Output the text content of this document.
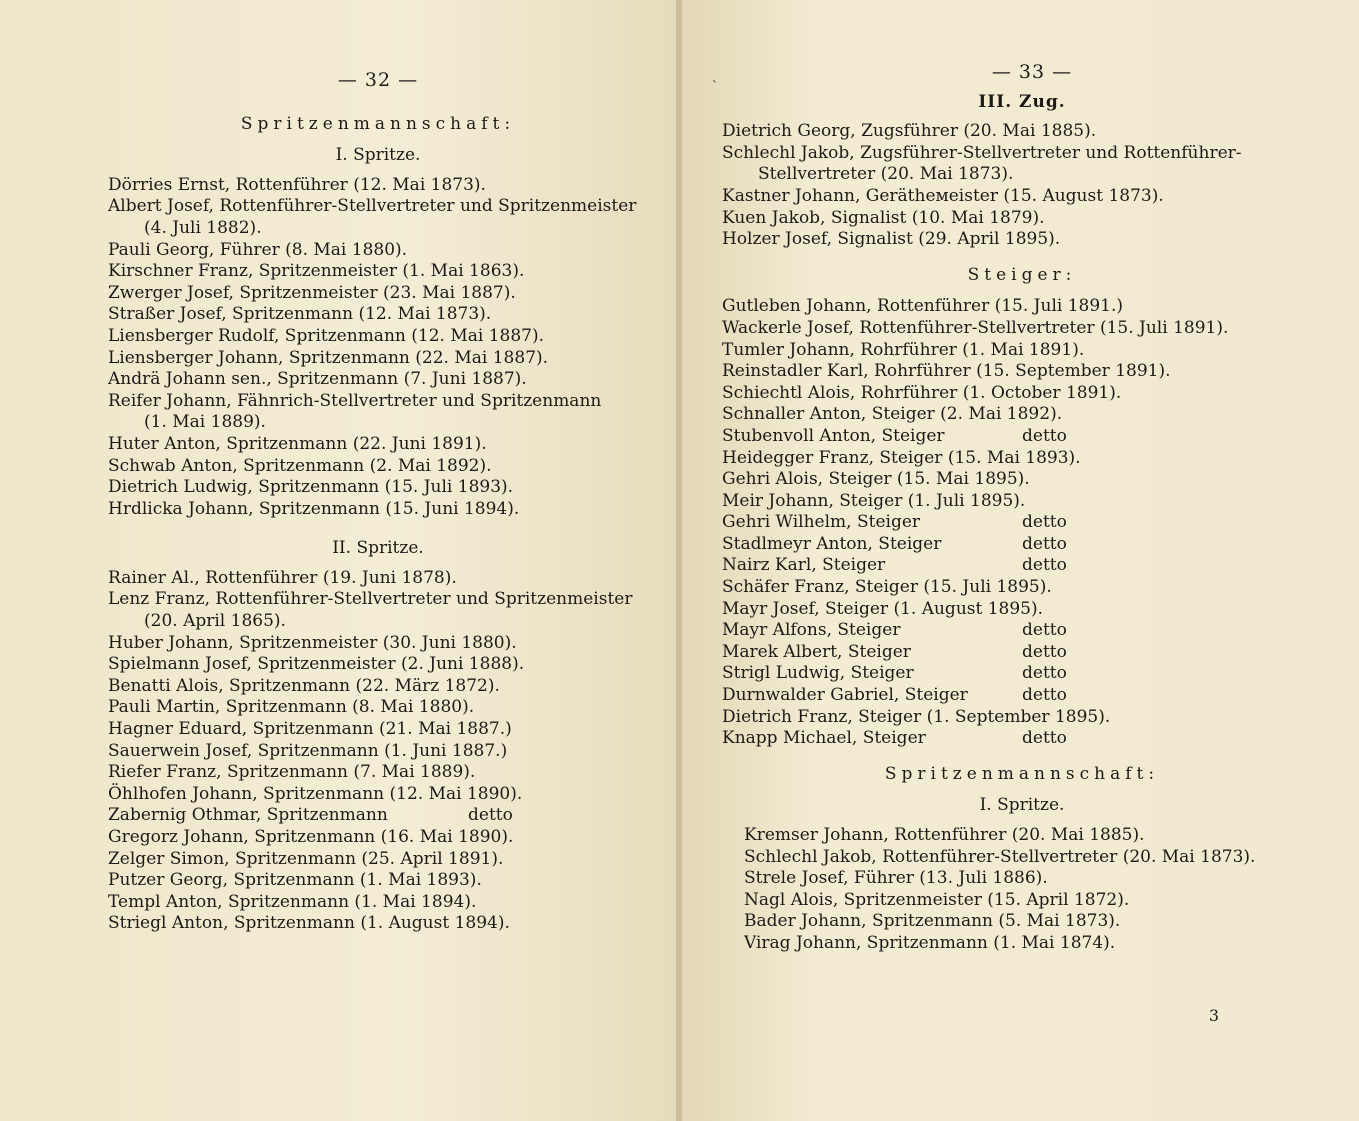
— 32 —
Spritzenmannschaft:
I. Spritze.
Dörries Ernst, Rottenführer (12. Mai 1873).
Albert Josef, Rottenführer-Stellvertreter und Spritzenmeister
(4. Juli 1882).
Pauli Georg, Führer (8. Mai 1880).
Kirschner Franz, Spritzenmeister (1. Mai 1863).
Zwerger Josef, Spritzenmeister (23. Mai 1887).
Straßer Josef, Spritzenmann (12. Mai 1873).
Liensberger Rudolf, Spritzenmann (12. Mai 1887).
Liensberger Johann, Spritzenmann (22. Mai 1887).
Andrä Johann sen., Spritzenmann (7. Juni 1887).
Reifer Johann, Fähnrich-Stellvertreter und Spritzenmann
(1. Mai 1889).
Huter Anton, Spritzenmann (22. Juni 1891).
Schwab Anton, Spritzenmann (2. Mai 1892).
Dietrich Ludwig, Spritzenmann (15. Juli 1893).
Hrdlicka Johann, Spritzenmann (15. Juni 1894).
II. Spritze.
Rainer Al., Rottenführer (19. Juni 1878).
Lenz Franz, Rottenführer-Stellvertreter und Spritzenmeister
(20. April 1865).
Huber Johann, Spritzenmeister (30. Juni 1880).
Spielmann Josef, Spritzenmeister (2. Juni 1888).
Benatti Alois, Spritzenmann (22. März 1872).
Pauli Martin, Spritzenmann (8. Mai 1880).
Hagner Eduard, Spritzenmann (21. Mai 1887.)
Sauerwein Josef, Spritzenmann (1. Juni 1887.)
Riefer Franz, Spritzenmann (7. Mai 1889).
Öhlhofen Johann, Spritzenmann (12. Mai 1890).
Zabernig Othmar, Spritzenmann	detto
Gregorz Johann, Spritzenmann (16. Mai 1890).
Zelger Simon, Spritzenmann (25. April 1891).
Putzer Georg, Spritzenmann (1. Mai 1893).
Templ Anton, Spritzenmann (1. Mai 1894).
Striegl Anton, Spritzenmann (1. August 1894).
— 33 —
III. Zug.
Dietrich Georg, Zugsführer (20. Mai 1885).
Schlechl Jakob, Zugsführer-Stellvertreter und Rottenführer-
Stellvertreter (20. Mai 1873).
Kastner Johann, Gerätheмeister (15. August 1873).
Kuen Jakob, Signalist (10. Mai 1879).
Holzer Josef, Signalist (29. April 1895).
Steiger:
Gutleben Johann, Rottenführer (15. Juli 1891.)
Wackerle Josef, Rottenführer-Stellvertreter (15. Juli 1891).
Tumler Johann, Rohrführer (1. Mai 1891).
Reinstadler Karl, Rohrführer (15. September 1891).
Schiechtl Alois, Rohrführer (1. October 1891).
Schnaller Anton, Steiger (2. Mai 1892).
Stubenvoll Anton, Steiger	detto
Heidegger Franz, Steiger (15. Mai 1893).
Gehri Alois, Steiger (15. Mai 1895).
Meir Johann, Steiger (1. Juli 1895).
Gehri Wilhelm, Steiger	detto
Stadlmeyr Anton, Steiger	detto
Nairz Karl, Steiger	detto
Schäfer Franz, Steiger (15. Juli 1895).
Mayr Josef, Steiger (1. August 1895).
Mayr Alfons, Steiger	detto
Marek Albert, Steiger	detto
Strigl Ludwig, Steiger	detto
Durnwalder Gabriel, Steiger	detto
Dietrich Franz, Steiger (1. September 1895).
Knapp Michael, Steiger	detto
Spritzenmannschaft:
I. Spritze.
Kremser Johann, Rottenführer (20. Mai 1885).
Schlechl Jakob, Rottenführer-Stellvertreter (20. Mai 1873).
Strele Josef, Führer (13. Juli 1886).
Nagl Alois, Spritzenmeister (15. April 1872).
Bader Johann, Spritzenmann (5. Mai 1873).
Virag Johann, Spritzenmann (1. Mai 1874).
3
˴
